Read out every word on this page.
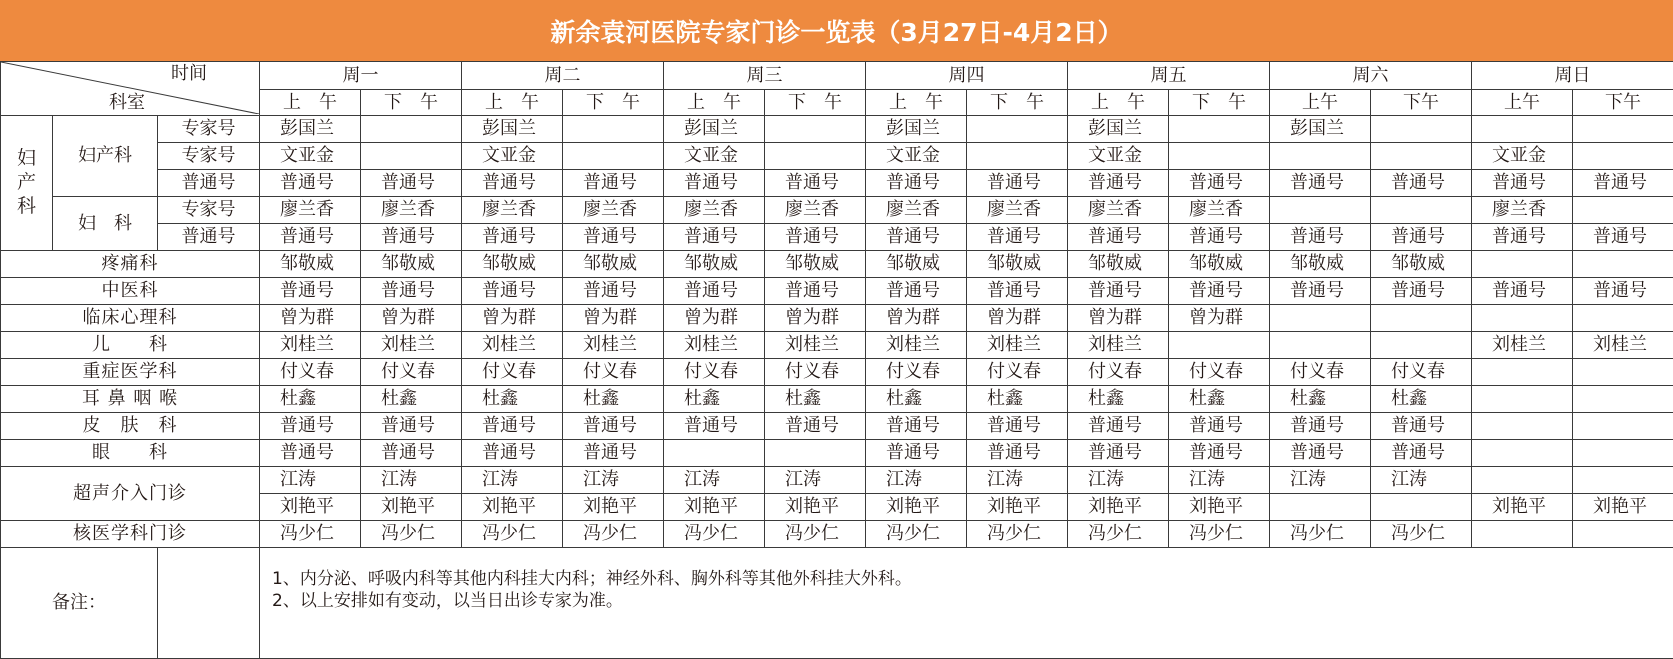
新余袁河医院专家门诊一览表（3月27日-4月2日）
时间
科室			周一		周二		周三		周四		周五		周六		周日	
			上　午	下　午	上　午	下　午	上　午	下　午	上　午	下　午	上　午	下　午	上午	下午	上午	下午

妇
产
科	妇产科	专家号	彭国兰		彭国兰		彭国兰		彭国兰		彭国兰		彭国兰			
		专家号	文亚金		文亚金		文亚金		文亚金		文亚金				文亚金	
		普通号	普通号	普通号	普通号	普通号	普通号	普通号	普通号	普通号	普通号	普通号	普通号	普通号	普通号	普通号
	妇　科	专家号	廖兰香	廖兰香	廖兰香	廖兰香	廖兰香	廖兰香	廖兰香	廖兰香	廖兰香	廖兰香			廖兰香	
		普通号	普通号	普通号	普通号	普通号	普通号	普通号	普通号	普通号	普通号	普通号	普通号	普通号	普通号	普通号
疼痛科			邹敬威	邹敬威	邹敬威	邹敬威	邹敬威	邹敬威	邹敬威	邹敬威	邹敬威	邹敬威	邹敬威	邹敬威		
中医科			普通号	普通号	普通号	普通号	普通号	普通号	普通号	普通号	普通号	普通号	普通号	普通号	普通号	普通号
临床心理科			曾为群	曾为群	曾为群	曾为群	曾为群	曾为群	曾为群	曾为群	曾为群	曾为群				
儿　　科			刘桂兰	刘桂兰	刘桂兰	刘桂兰	刘桂兰	刘桂兰	刘桂兰	刘桂兰	刘桂兰				刘桂兰	刘桂兰
重症医学科			付义春	付义春	付义春	付义春	付义春	付义春	付义春	付义春	付义春	付义春	付义春	付义春		
耳 鼻 咽 喉			杜鑫	杜鑫	杜鑫	杜鑫	杜鑫	杜鑫	杜鑫	杜鑫	杜鑫	杜鑫	杜鑫	杜鑫		
皮　肤　科			普通号	普通号	普通号	普通号	普通号	普通号	普通号	普通号	普通号	普通号	普通号	普通号		
眼　　科			普通号	普通号	普通号	普通号			普通号	普通号	普通号	普通号	普通号	普通号		
超声介入门诊			江涛	江涛	江涛	江涛	江涛	江涛	江涛	江涛	江涛	江涛	江涛	江涛		
			刘艳平	刘艳平	刘艳平	刘艳平	刘艳平	刘艳平	刘艳平	刘艳平	刘艳平	刘艳平			刘艳平	刘艳平
核医学科门诊			冯少仁	冯少仁	冯少仁	冯少仁	冯少仁	冯少仁	冯少仁	冯少仁	冯少仁	冯少仁	冯少仁	冯少仁		
备注：			1、内分泌、呼吸内科等其他内科挂大内科；神经外科、胸外科等其他外科挂大外科。
2、以上安排如有变动，以当日出诊专家为准。													
